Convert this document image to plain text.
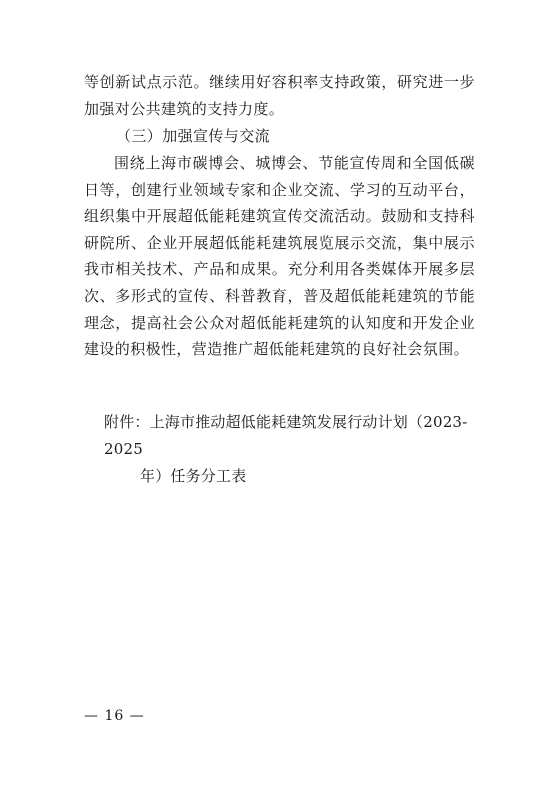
等创新试点示范。继续用好容积率支持政策，研究进一步加强对公共建筑的支持力度。

（三）加强宣传与交流

围绕上海市碳博会、城博会、节能宣传周和全国低碳日等，创建行业领域专家和企业交流、学习的互动平台，组织集中开展超低能耗建筑宣传交流活动。鼓励和支持科研院所、企业开展超低能耗建筑展览展示交流，集中展示我市相关技术、产品和成果。充分利用各类媒体开展多层次、多形式的宣传、科普教育，普及超低能耗建筑的节能理念，提高社会公众对超低能耗建筑的认知度和开发企业建设的积极性，营造推广超低能耗建筑的良好社会氛围。

附件：上海市推动超低能耗建筑发展行动计划（2023-2025
年）任务分工表
— 16 —
